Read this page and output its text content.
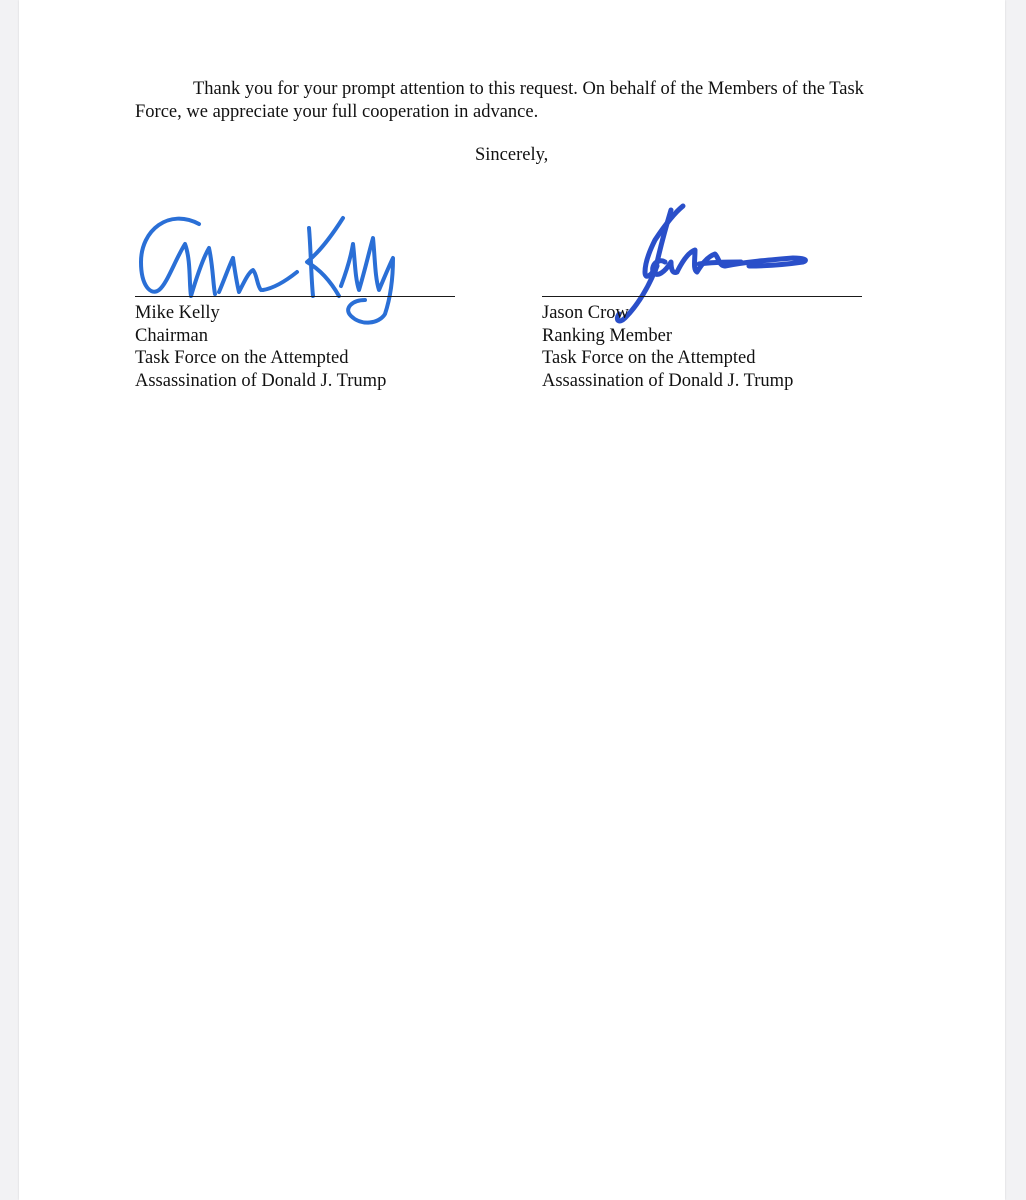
Thank you for your prompt attention to this request. On behalf of the Members of the Task Force, we appreciate your full cooperation in advance.

Sincerely,

Mike Kelly
Chairman
Task Force on the Attempted
Assassination of Donald J. Trump
Jason Crow
Ranking Member
Task Force on the Attempted
Assassination of Donald J. Trump
